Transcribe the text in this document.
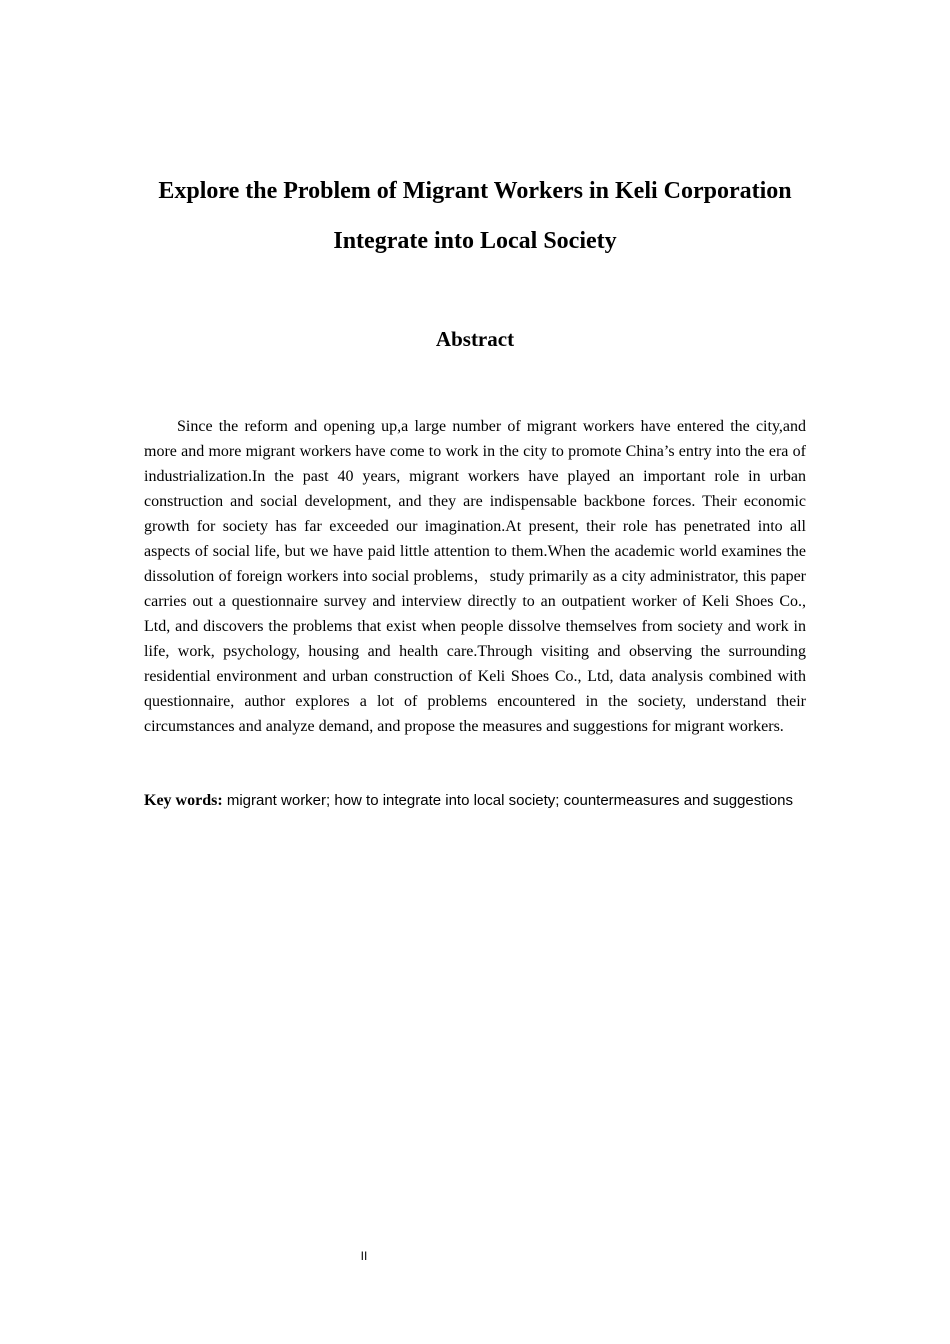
Explore the Problem of Migrant Workers in Keli Corporation Integrate into Local Society
Abstract

Since the reform and opening up,a large number of migrant workers have entered the city,and more and more migrant workers have come to work in the city to promote China’s entry into the era of industrialization.In the past 40 years, migrant workers have played an important role in urban construction and social development, and they are indispensable backbone forces. Their economic growth for society has far exceeded our imagination.At present, their role has penetrated into all aspects of social life, but we have paid little attention to them.When the academic world examines the dissolution of foreign workers into social problems，study primarily as a city administrator, this paper carries out a questionnaire survey and interview directly to an outpatient worker of Keli Shoes Co., Ltd, and discovers the problems that exist when people dissolve themselves from society and work in life, work, psychology, housing and health care.Through visiting and observing the surrounding residential environment and urban construction of Keli Shoes Co., Ltd, data analysis combined with questionnaire, author explores a lot of problems encountered in the society, understand their circumstances and analyze demand, and propose the measures and suggestions for migrant workers.

Key words: migrant worker; how to integrate into local society; countermeasures and suggestions

II
